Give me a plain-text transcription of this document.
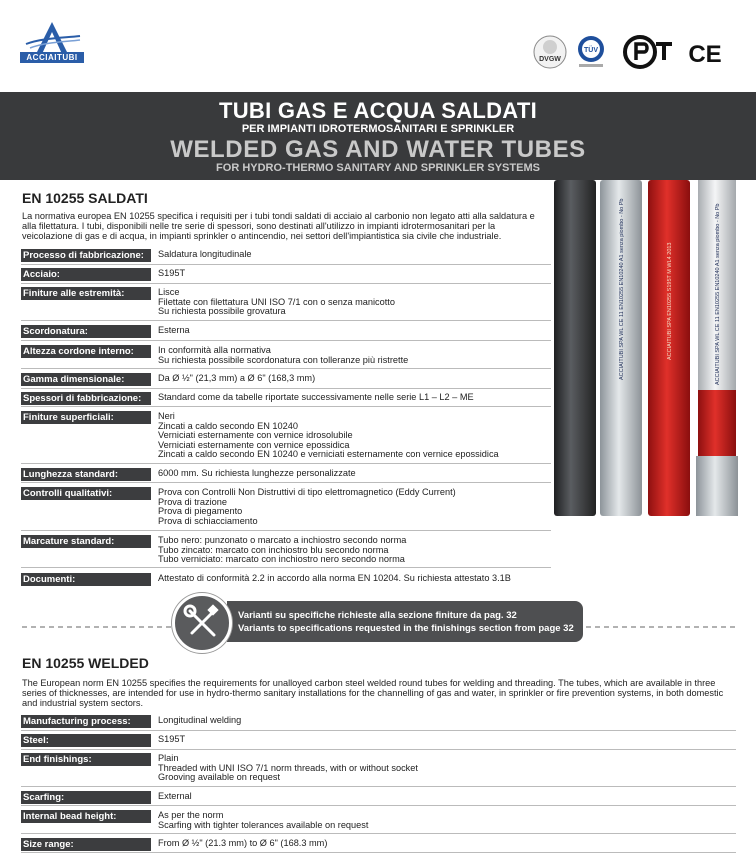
ACCIAITUBI	DVGW
TÜV
PCT
CE
TUBI GAS E ACQUA SALDATI
PER IMPIANTI IDROTERMOSANITARI E SPRINKLER
WELDED GAS AND WATER TUBES
FOR HYDRO-THERMO SANITARY AND SPRINKLER SYSTEMS
ACCIAITUBI SPA WL CE 11 EN10255 EN10240 A1 senza piombo - No Pb	ACCIAITUBI SPA EN10255 S195T M WL4 2013	ACCIAITUBI SPA WL CE 11 EN10255 EN10240 A1 senza piombo - No Pb
EN 10255 SALDATI
La normativa europea EN 10255 specifica i requisiti per i tubi tondi saldati di acciaio al carbonio non legato atti alla saldatura e alla filettatura. I tubi, disponibili nelle tre serie di spessori, sono destinati all'utilizzo in impianti idrotermosanitari per la veicolazione di gas e di acqua, in impianti sprinkler o antincendio, nei settori dell'impiantistica sia civile che industriale.
Processo di fabbricazione:	Saldatura longitudinale
Acciaio:	S195T
Finiture alle estremità:	Lisce
Filettate con filettatura UNI ISO 7/1 con o senza manicotto
Su richiesta possibile grovatura
Scordonatura:	Esterna
Altezza cordone interno:	In conformità alla normativa
Su richiesta possibile scordonatura con tolleranze più ristrette
Gamma dimensionale:	Da Ø ½" (21,3 mm) a Ø 6" (168,3 mm)
Spessori di fabbricazione:	Standard come da tabelle riportate successivamente nelle serie L1 – L2 – ME
Finiture superficiali:	Neri
Zincati a caldo secondo EN 10240
Verniciati esternamente con vernice idrosolubile
Verniciati esternamente con vernice epossidica
Zincati a caldo secondo EN 10240 e verniciati esternamente con vernice epossidica
Lunghezza standard:	6000 mm. Su richiesta lunghezze personalizzate
Controlli qualitativi:	Prova con Controlli Non Distruttivi di tipo elettromagnetico (Eddy Current)
Prova di trazione
Prova di piegamento
Prova di schiacciamento
Marcature standard:	Tubo nero: punzonato o marcato a inchiostro secondo norma
Tubo zincato: marcato con inchiostro blu secondo norma
Tubo verniciato: marcato con inchiostro nero secondo norma
Documenti:	Attestato di conformità 2.2 in accordo alla norma EN 10204. Su richiesta attestato 3.1B
Varianti su specifiche richieste alla sezione finiture da pag. 32
Variants to specifications requested in the finishings section from page 32
EN 10255 WELDED
The European norm EN 10255 specifies the requirements for unalloyed carbon steel welded round tubes for welding and threading. The tubes, which are available in three series of thicknesses, are intended for use in hydro-thermo sanitary installations for the channelling of gas and water, in sprinkler or fire prevention systems, in both domestic and industrial system sectors.
Manufacturing process:	Longitudinal welding
Steel:	S195T
End finishings:	Plain
Threaded with UNI ISO 7/1 norm threads, with or without socket
Grooving available on request
Scarfing:	External
Internal bead height:	As per the norm
Scarfing with tighter tolerances available on request
Size range:	From Ø ½" (21.3 mm) to Ø 6" (168.3 mm)
